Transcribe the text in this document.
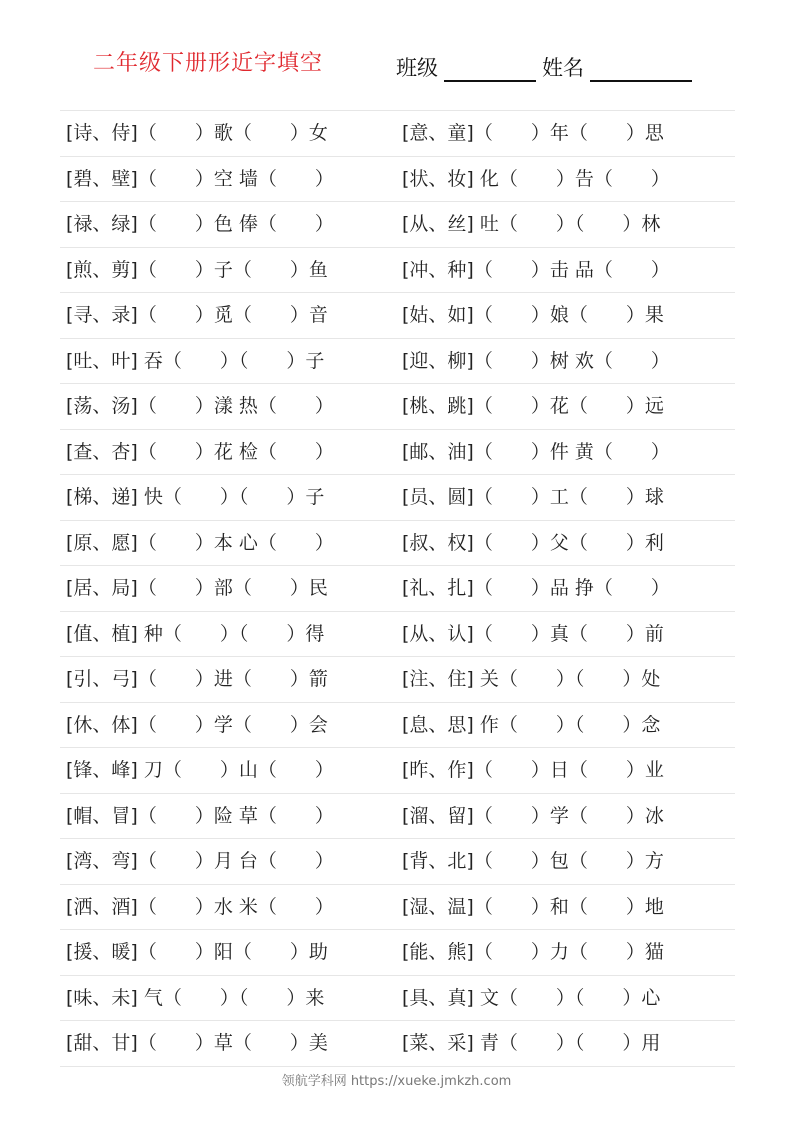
二年级下册形近字填空	班级	姓名
[诗、侍]（　　）歌（　　）女	[意、童]（　　）年（　　）思
[碧、壁]（　　）空 墙（　　）	[状、妆] 化（　　）告（　　）
[禄、绿]（　　）色 俸（　　）	[从、丝] 吐（　　）（　　）林
[煎、剪]（　　）子（　　）鱼	[冲、种]（　　）击 品（　　）
[寻、录]（　　）觅（　　）音	[姑、如]（　　）娘（　　）果
[吐、叶] 吞（　　）（　　）子	[迎、柳]（　　）树 欢（　　）
[荡、汤]（　　）漾 热（　　）	[桃、跳]（　　）花（　　）远
[查、杏]（　　）花 检（　　）	[邮、油]（　　）件 黄（　　）
[梯、递] 快（　　）（　　）子	[员、圆]（　　）工（　　）球
[原、愿]（　　）本 心（　　）	[叔、权]（　　）父（　　）利
[居、局]（　　）部（　　）民	[礼、扎]（　　）品 挣（　　）
[值、植] 种（　　）（　　）得	[从、认]（　　）真（　　）前
[引、弓]（　　）进（　　）箭	[注、住] 关（　　）（　　）处
[休、体]（　　）学（　　）会	[息、思] 作（　　）（　　）念
[锋、峰] 刀（　　）山（　　）	[昨、作]（　　）日（　　）业
[帽、冒]（　　）险 草（　　）	[溜、留]（　　）学（　　）冰
[湾、弯]（　　）月 台（　　）	[背、北]（　　）包（　　）方
[洒、酒]（　　）水 米（　　）	[湿、温]（　　）和（　　）地
[援、暖]（　　）阳（　　）助	[能、熊]（　　）力（　　）猫
[味、未] 气（　　）（　　）来	[具、真] 文（　　）（　　）心
[甜、甘]（　　）草（　　）美	[菜、采] 青（　　）（　　）用
领航学科网 https://xueke.jmkzh.com
